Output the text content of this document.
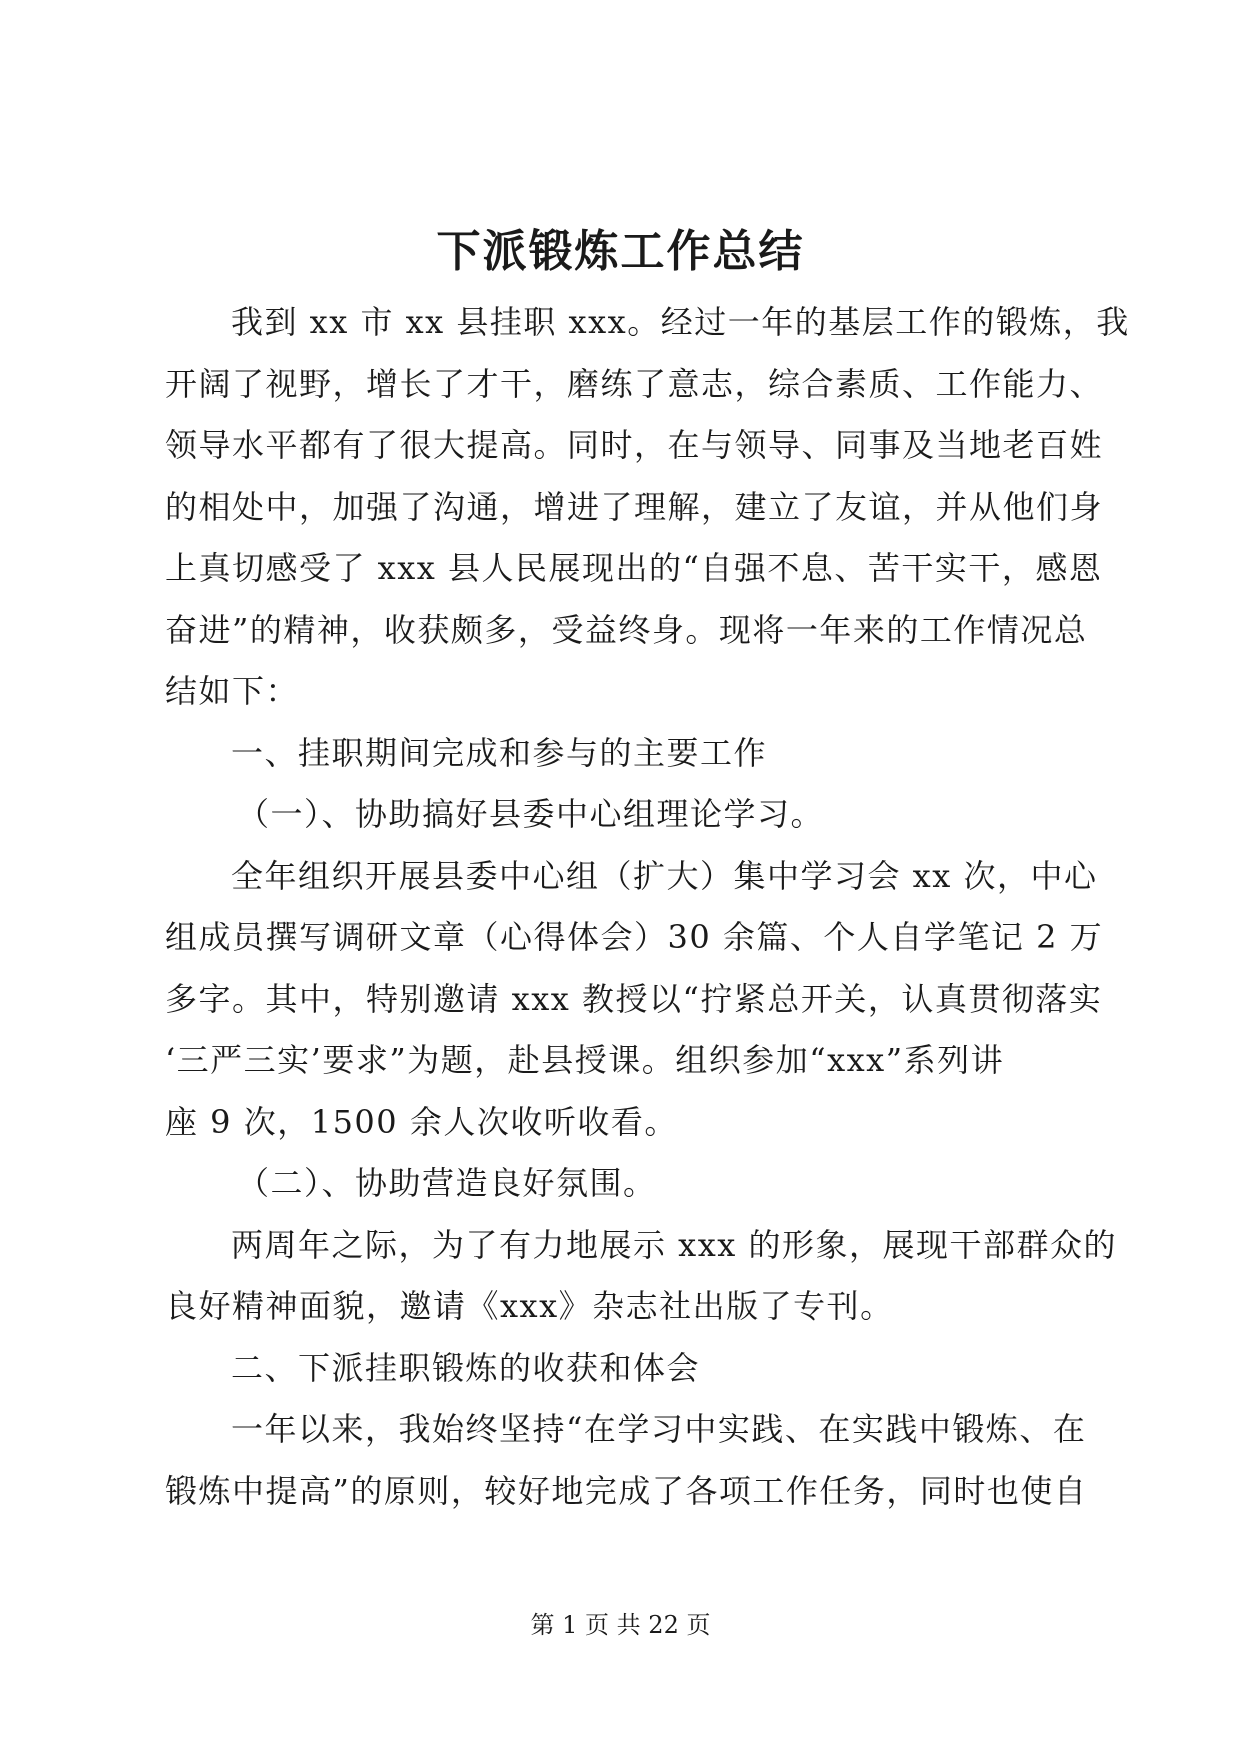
下派锻炼工作总结
我到 xx 市 xx 县挂职 xxx。经过一年的基层工作的锻炼，我
开阔了视野，增长了才干，磨练了意志，综合素质、工作能力、
领导水平都有了很大提高。同时，在与领导、同事及当地老百姓
的相处中，加强了沟通，增进了理解，建立了友谊，并从他们身
上真切感受了 xxx 县人民展现出的“自强不息、苦干实干，感恩
奋进”的精神，收获颇多，受益终身。现将一年来的工作情况总
结如下：
一、挂职期间完成和参与的主要工作
（一）、协助搞好县委中心组理论学习。
全年组织开展县委中心组（扩大）集中学习会 xx 次，中心
组成员撰写调研文章（心得体会）30 余篇、个人自学笔记 2 万
多字。其中，特别邀请 xxx 教授以“拧紧总开关，认真贯彻落实
‘三严三实’要求”为题，赴县授课。组织参加“xxx”系列讲
座 9 次，1500 余人次收听收看。
（二）、协助营造良好氛围。
两周年之际，为了有力地展示 xxx 的形象，展现干部群众的
良好精神面貌，邀请《xxx》杂志社出版了专刊。
二、下派挂职锻炼的收获和体会
一年以来，我始终坚持“在学习中实践、在实践中锻炼、在
锻炼中提高”的原则，较好地完成了各项工作任务，同时也使自
第 1 页 共 22 页
